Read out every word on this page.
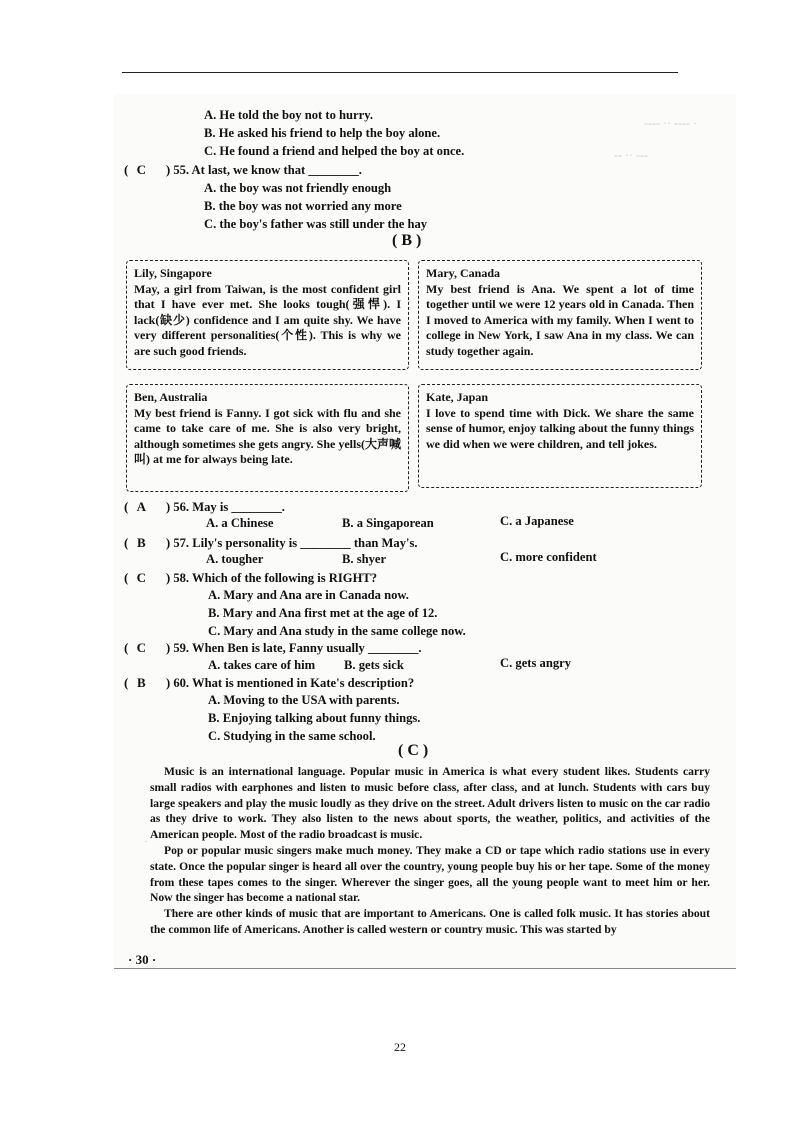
---- ·· ---- ·
-- ·· ---
·
A. He told the boy not to hurry.
B. He asked his friend to help the boy alone.
C. He found a friend and helped the boy at once.
( C	) 55. At last, we know that ________.
A. the boy was not friendly enough
B. the boy was not worried any more
C. the boy's father was still under the hay
( B )
Lily, Singapore
May, a girl from Taiwan, is the most confident girl that I have ever met. She looks tough(强悍). I lack(缺少) confidence and I am quite shy. We have very different personalities(个性). This is why we are such good friends.
Mary, Canada
My best friend is Ana. We spent a lot of time together until we were 12 years old in Canada. Then I moved to America with my family. When I went to college in New York, I saw Ana in my class. We can study together again.
Ben, Australia
My best friend is Fanny. I got sick with flu and she came to take care of me. She is also very bright, although sometimes she gets angry. She yells(大声喊叫) at me for always being late.
Kate, Japan
I love to spend time with Dick. We share the same sense of humor, enjoy talking about the funny things we did when we were children, and tell jokes.
( A	) 56. May is ________.
A. a Chinese	B. a Singaporean	C. a Japanese
( B	) 57. Lily's personality is ________ than May's.
A. tougher	B. shyer	C. more confident
( C	) 58. Which of the following is RIGHT?
A. Mary and Ana are in Canada now.
B. Mary and Ana first met at the age of 12.
C. Mary and Ana study in the same college now.
( C	) 59. When Ben is late, Fanny usually ________.
A. takes care of him B. gets sick	C. gets angry
( B	) 60. What is mentioned in Kate's description?
A. Moving to the USA with parents.
B. Enjoying talking about funny things.
C. Studying in the same school.
( C )

Music is an international language. Popular music in America is what every student likes. Students carry small radios with earphones and listen to music before class, after class, and at lunch. Students with cars buy large speakers and play the music loudly as they drive on the street. Adult drivers listen to music on the car radio as they drive to work. They also listen to the news about sports, the weather, politics, and activities of the American people. Most of the radio broadcast is music.

Pop or popular music singers make much money. They make a CD or tape which radio stations use in every state. Once the popular singer is heard all over the country, young people buy his or her tape. Some of the money from these tapes comes to the singer. Wherever the singer goes, all the young people want to meet him or her. Now the singer has become a national star.

There are other kinds of music that are important to Americans. One is called folk music. It has stories about the common life of Americans. Another is called western or country music. This was started by

· 30 ·
22
